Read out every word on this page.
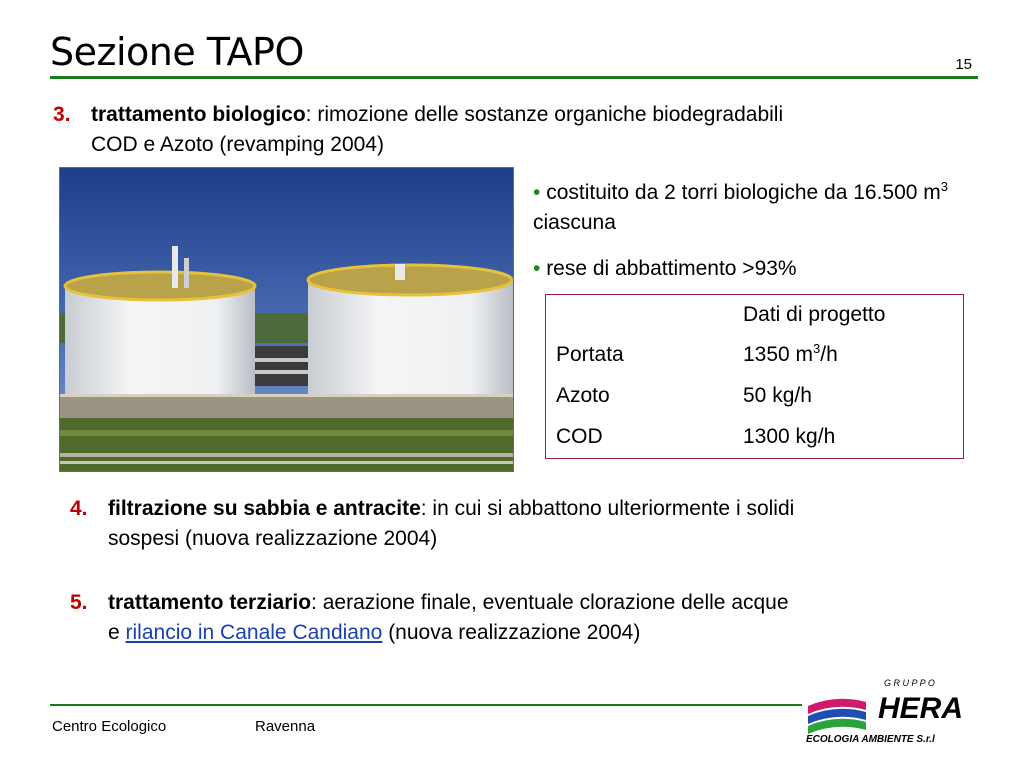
Sezione TAPO	15
3. trattamento biologico: rimozione delle sostanze organiche biodegradabili
COD e Azoto (revamping 2004)
• costituito da 2 torri biologiche da 16.500 $m^3$ ciascuna
• rese di abbattimento >93%
Dati di progetto
Portata	1350 $m^3/h$
Azoto	50 kg/h
COD	1300 kg/h
4. filtrazione su sabbia e antracite: in cui si abbattono ulteriormente i solidi
sospesi (nuova realizzazione 2004)
5. trattamento terziario: aerazione finale, eventuale clorazione delle acque
e rilancio in Canale Candiano (nuova realizzazione 2004)
Centro Ecologico	Ravenna
G R U P P O
HERA
ECOLOGIA AMBIENTE S.r.l
